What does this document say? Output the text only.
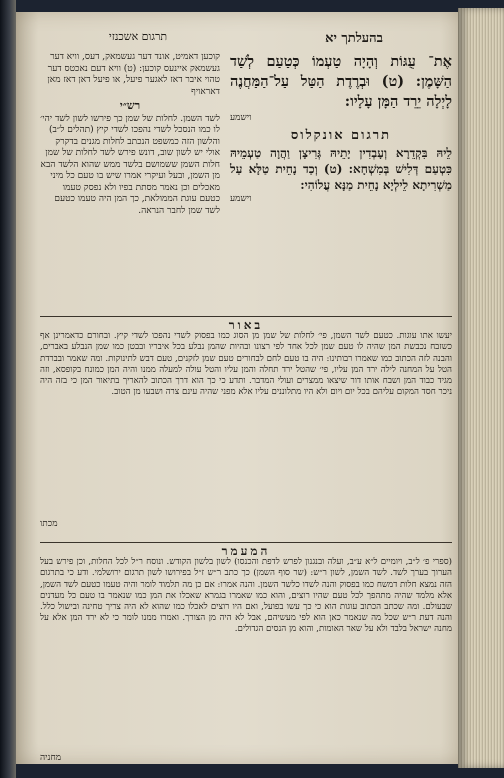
בהעלתך יא
תרגום אשכנזי
אֶת־ עֻגּוֹת וְהָיָה טַעְמוֹ כְּטַעַם לְשַׁד הַשָּׁמֶן: (ט) וּבְרֶדֶת הַטַּל עַל־הַמַּחֲנֶה לָיְלָה יֵרֵד הַמָּן עָלָיו:
וישמע
תרגום אונקלוס
לֵיהּ בִּקְדֵרָא וְעָבְדִין יָתֵיהּ גְּרִיצָן וַהֲוָה טַעְמֵיהּ כִּטְעַם דְּלִישׁ בְּמִשְׁחָא: (ט) וְכַד נָחֵית טַלָּא עַל מַשְׁרִיתָא לֵילְיָא נָחֵית מַנָּא עֲלוֹהִי:
וישמע
קוכען דאמיט, אונד דער געשמאק, דעס, וויא דער געשמאק איינעס קוכען: (ט) וויא דעם נאכטס דער טהוי איבר דאז לאגער פיעל, או פיעל דאן דאז מאן דאראויף
רש״י
לשד השמן. לחלות של שמן כך פירשו לשון לשד יהי׳ לו כמו הנסכל לשדי נהפכו לשדי קיץ (תהלים ל״ב) והלשון הזה כמשפט הנכתב לחלות מגנים בדקרק אולי יש לשון שוב, דונש פירש לשד לחלות של שמן חלות השמן ששמושם בלשד ממש שהוא הלשד הבא מן השמן, ובעל ועיקרי אמרו שיש בו טעם כל מיני מאכלים וכן נאמר מסתת בפיו ולא נפסק טעמו כטעם עוגת הממולאת, כך המן היה טעמו כטעם לשד שמן לחבר הנראה.
באור
יעשו אתו עוגות. כטעם לשד השמן, פי׳ לחלות של שמן מן הסוג כמו בפסוק לשדי נהפכו לשדי קיץ. ובחורם כדאמרינן אף כשזבח נכבשת המן שהיה לו טעם שמן לכל אחד לפי רצונו ובהיות שהמן נבלע בכל איבריו ובבטן כמו שמן הנבלע באברים, והבנה לזה הכתוב כמו שאמרו רבותינו: היה בו טעם לחם לבחורים טעם שמן לזקנים, טעם דבש לתינוקות. ומה שאמר ובברדת הטל על המחנה לילה ירד המן עליו, פי׳ שהטל ירד תחלה והמן עליו והטל עולה למעלה ממנו והיה המן כמונח בקופסא, וזה מגיד כבוד המן ושבח אותו דור שיצאו ממצרים ועולי המדבר. ותדע כי כך הוא דרך הכתוב להאריך בתיאור המן כי בזה היה ניכר חסד המקום עליהם בכל יום ויום ולא היו מתלוננים עליו אלא מפני שהיה עינם צרה ושבעו מן הטוב.
מכתו
המעמר
(ספרי פ׳ ל״ב, ויומיים ל״א ע״ב, ועלה ובנגנון לפרש לדפת והכנסו) לשון בלשון הקודש. ונוסח ר״ל לכל החלות, וכן פירש בעל הערוך בערך לשד. לשד השמן, לשון ר״ש: (שר סוף השמן) כך כתב ר״ש ז״ל בפירושו לשון תרגום ירושלמי. ודע כי בתרגום הזה נמצא חלות דמשח כמו בפסוק והנה לשדו כלשד השמן. והנה אמרו: אם כן מה תלמוד לומר והיה טעמו כטעם לשד השמן, אלא מלמד שהיה מתהפך לכל טעם שהיו רוצים, והוא כמו שאמרו בגמרא שאכלו את המן כמו שנאמר בו טעם כל מעדנים שבעולם. ומה שכתב הכתוב עוגות הוא כי כך עשו בפועל, ואם היו רוצים לאכלו כמו שהוא לא היה צריך טחינה ובישול כלל. והנה דעת ר״ש שכל מה שנאמר כאן הוא לפי מעשיהם, אבל לא היה מן הצורך. ואמרו ממנו לומר כי לא ירד המן אלא על מחנה ישראל בלבד ולא על שאר האומות, והוא מן הנסים הגדולים.
מחניה
